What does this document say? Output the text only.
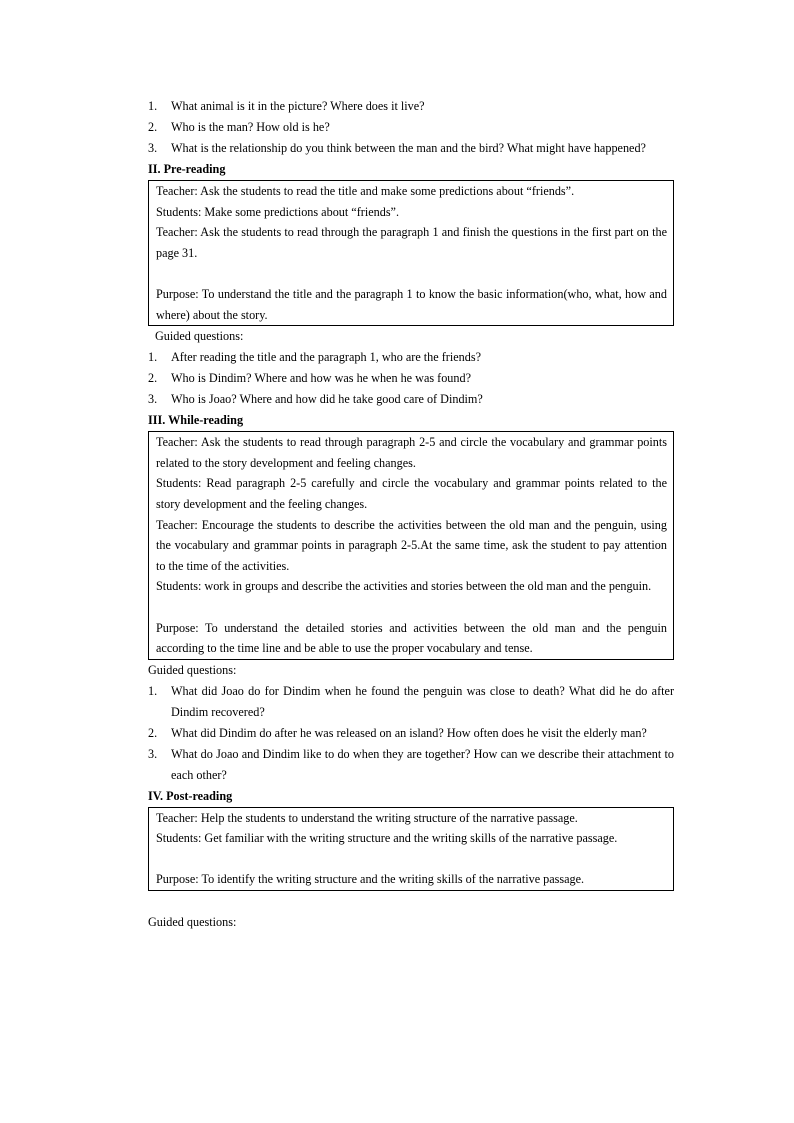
1. What animal is it in the picture? Where does it live?
2. Who is the man? How old is he?
3. What is the relationship do you think between the man and the bird? What might have happened?
II. Pre-reading

Teacher: Ask the students to read the title and make some predictions about “friends”.

Students: Make some predictions about “friends”.

Teacher: Ask the students to read through the paragraph 1 and finish the questions in the first part on the page 31.

Purpose: To understand the title and the paragraph 1 to know the basic information(who, what, how and where) about the story.

Guided questions:
1. After reading the title and the paragraph 1, who are the friends?
2. Who is Dindim? Where and how was he when he was found?
3. Who is Joao? Where and how did he take good care of Dindim?
III. While-reading

Teacher: Ask the students to read through paragraph 2-5 and circle the vocabulary and grammar points related to the story development and feeling changes.

Students: Read paragraph 2-5 carefully and circle the vocabulary and grammar points related to the story development and the feeling changes.

Teacher: Encourage the students to describe the activities between the old man and the penguin, using the vocabulary and grammar points in paragraph 2-5.At the same time, ask the student to pay attention to the time of the activities.

Students: work in groups and describe the activities and stories between the old man and the penguin.

Purpose: To understand the detailed stories and activities between the old man and the penguin according to the time line and be able to use the proper vocabulary and tense.

Guided questions:
1. What did Joao do for Dindim when he found the penguin was close to death? What did he do after Dindim recovered?
2. What did Dindim do after he was released on an island? How often does he visit the elderly man?
3. What do Joao and Dindim like to do when they are together? How can we describe their attachment to each other?
IV. Post-reading

Teacher: Help the students to understand the writing structure of the narrative passage.

Students: Get familiar with the writing structure and the writing skills of the narrative passage.

Purpose: To identify the writing structure and the writing skills of the narrative passage.

Guided questions:
